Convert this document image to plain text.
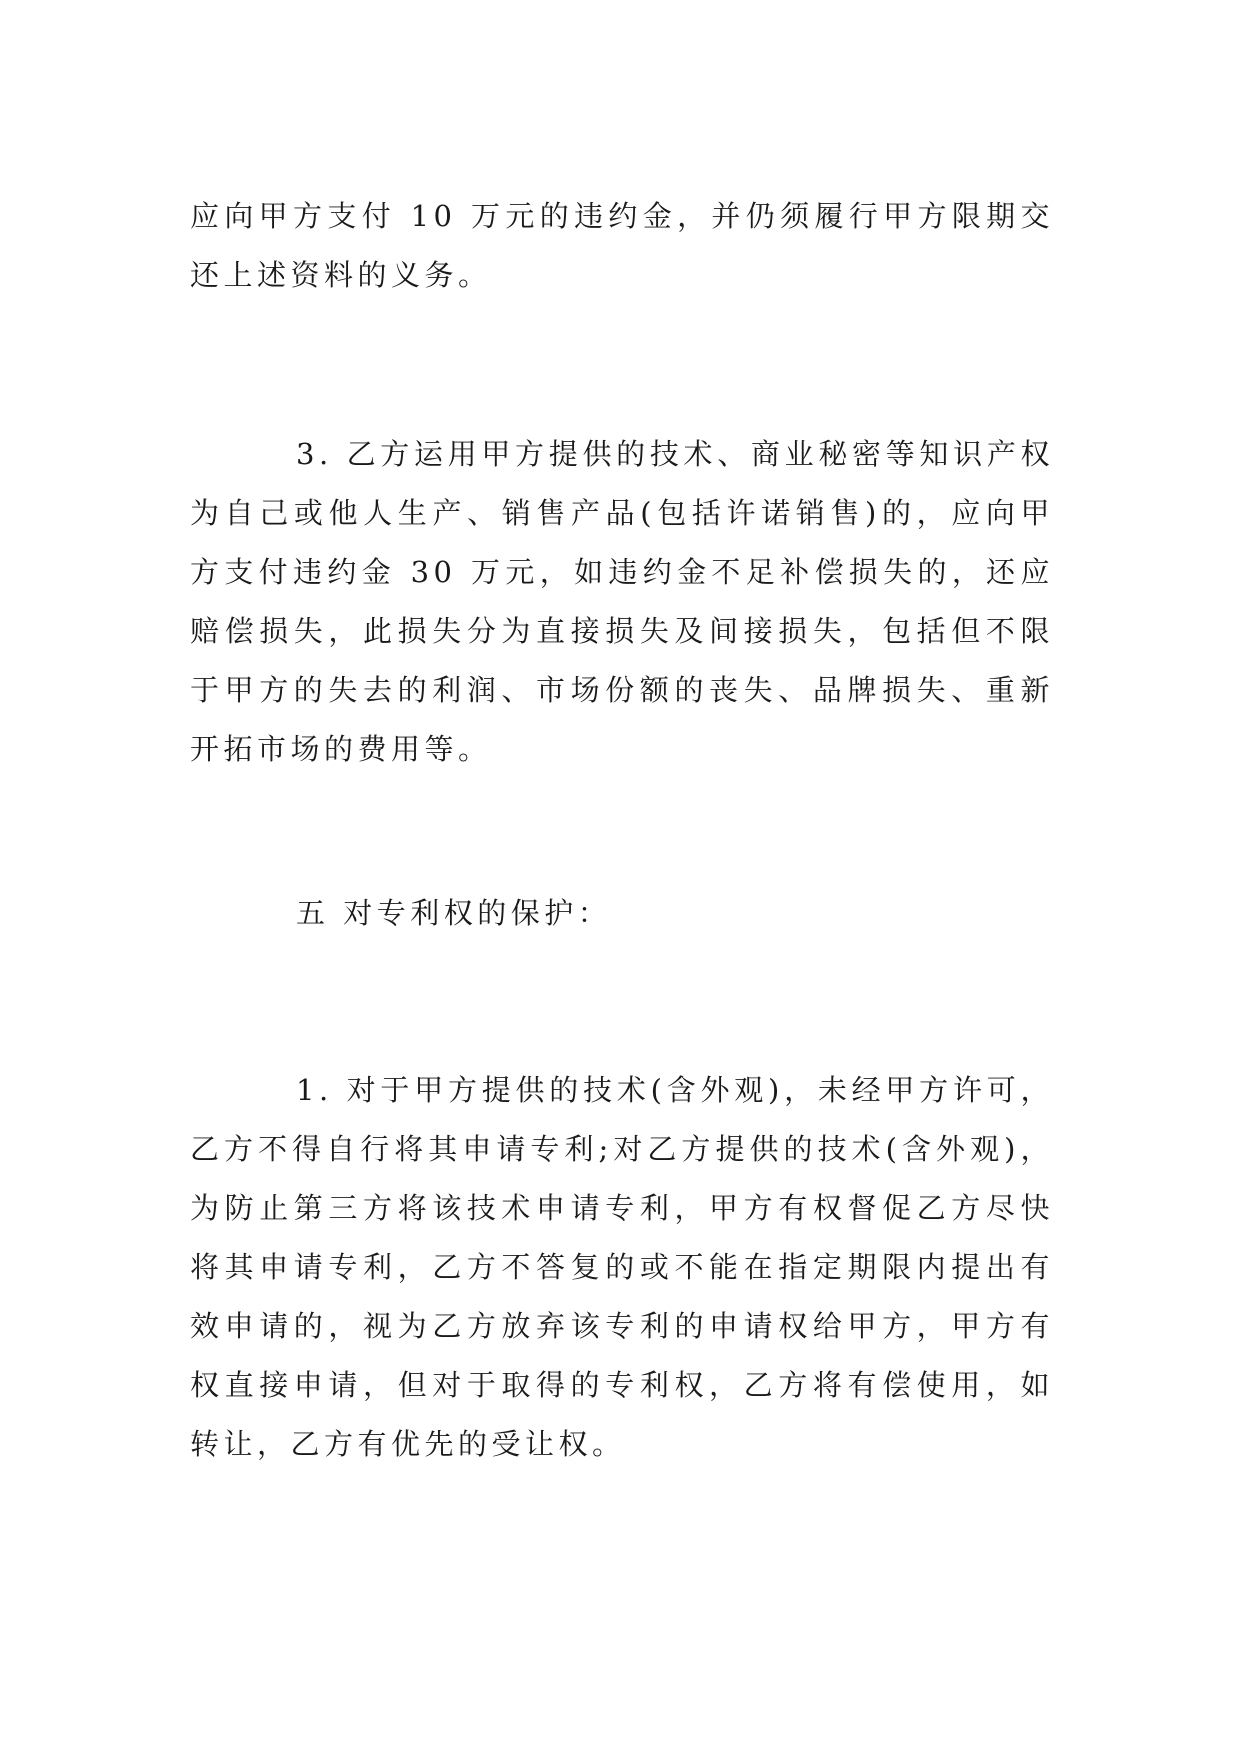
应向甲方支付 10 万元的违约金，并仍须履行甲方限期交还上述资料的义务。

3. 乙方运用甲方提供的技术、商业秘密等知识产权为自己或他人生产、销售产品(包括许诺销售)的，应向甲方支付违约金 30 万元，如违约金不足补偿损失的，还应赔偿损失，此损失分为直接损失及间接损失，包括但不限于甲方的失去的利润、市场份额的丧失、品牌损失、重新开拓市场的费用等。

五 对专利权的保护：

1. 对于甲方提供的技术(含外观)，未经甲方许可，乙方不得自行将其申请专利;对乙方提供的技术(含外观)，为防止第三方将该技术申请专利，甲方有权督促乙方尽快将其申请专利，乙方不答复的或不能在指定期限内提出有效申请的，视为乙方放弃该专利的申请权给甲方，甲方有权直接申请，但对于取得的专利权，乙方将有偿使用，如转让，乙方有优先的受让权。
